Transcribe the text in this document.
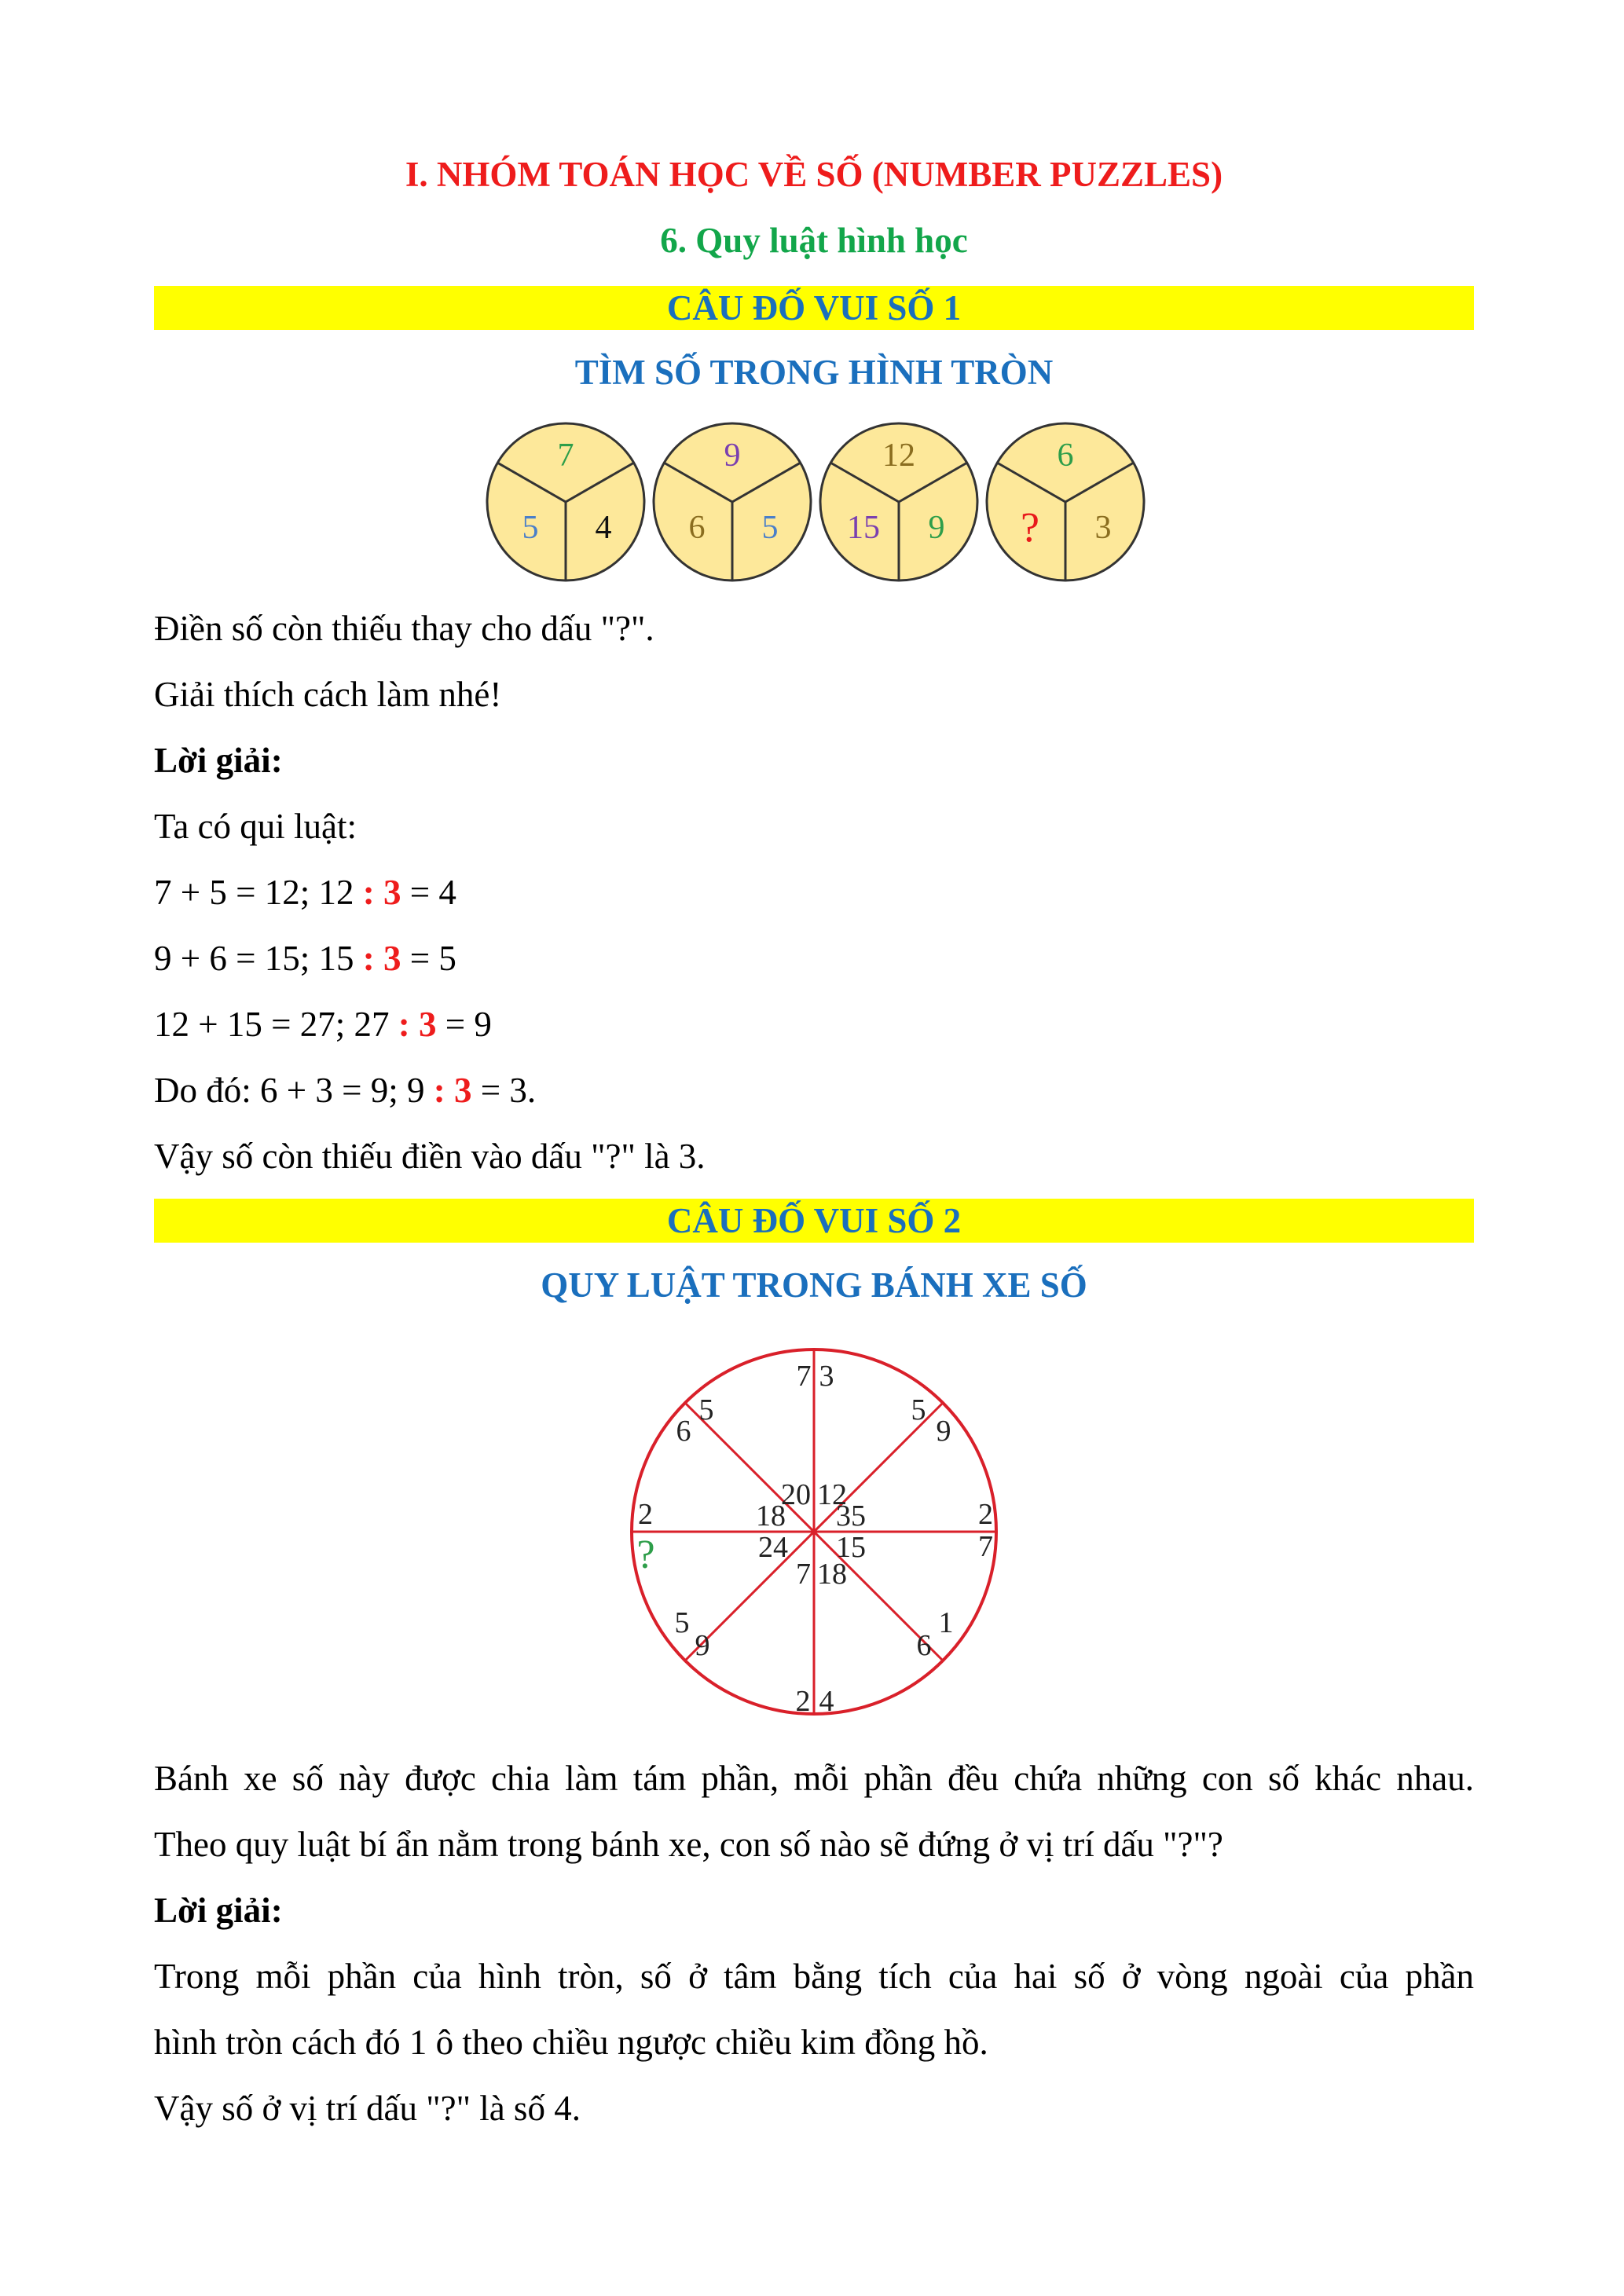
I. NHÓM TOÁN HỌC VỀ SỐ (NUMBER PUZZLES)
6. Quy luật hình học
CÂU ĐỐ VUI SỐ 1
TÌM SỐ TRONG HÌNH TRÒN
7
5 4
9
6 5
12
15 9
6
? 3
Điền số còn thiếu thay cho dấu "?".
Giải thích cách làm nhé!
Lời giải:
Ta có qui luật:
7 + 5 = 12; 12 : 3 = 4
9 + 6 = 15; 15 : 3 = 5
12 + 15 = 27; 27 : 3 = 9
Do đó: 6 + 3 = 9; 9 : 3 = 3.
Vậy số còn thiếu điền vào dấu "?" là 3.
CÂU ĐỐ VUI SỐ 2
QUY LUẬT TRONG BÁNH XE SỐ
7 3
5
9
2
7
1
6
2 4
5
9
2
6
5
20 12
35
15
7 18
18
24
?
Bánh xe số này được chia làm tám phần, mỗi phần đều chứa những con số khác nhau.
Theo quy luật bí ẩn nằm trong bánh xe, con số nào sẽ đứng ở vị trí dấu "?"?
Lời giải:
Trong mỗi phần của hình tròn, số ở tâm bằng tích của hai số ở vòng ngoài của phần
hình tròn cách đó 1 ô theo chiều ngược chiều kim đồng hồ.
Vậy số ở vị trí dấu "?" là số 4.
